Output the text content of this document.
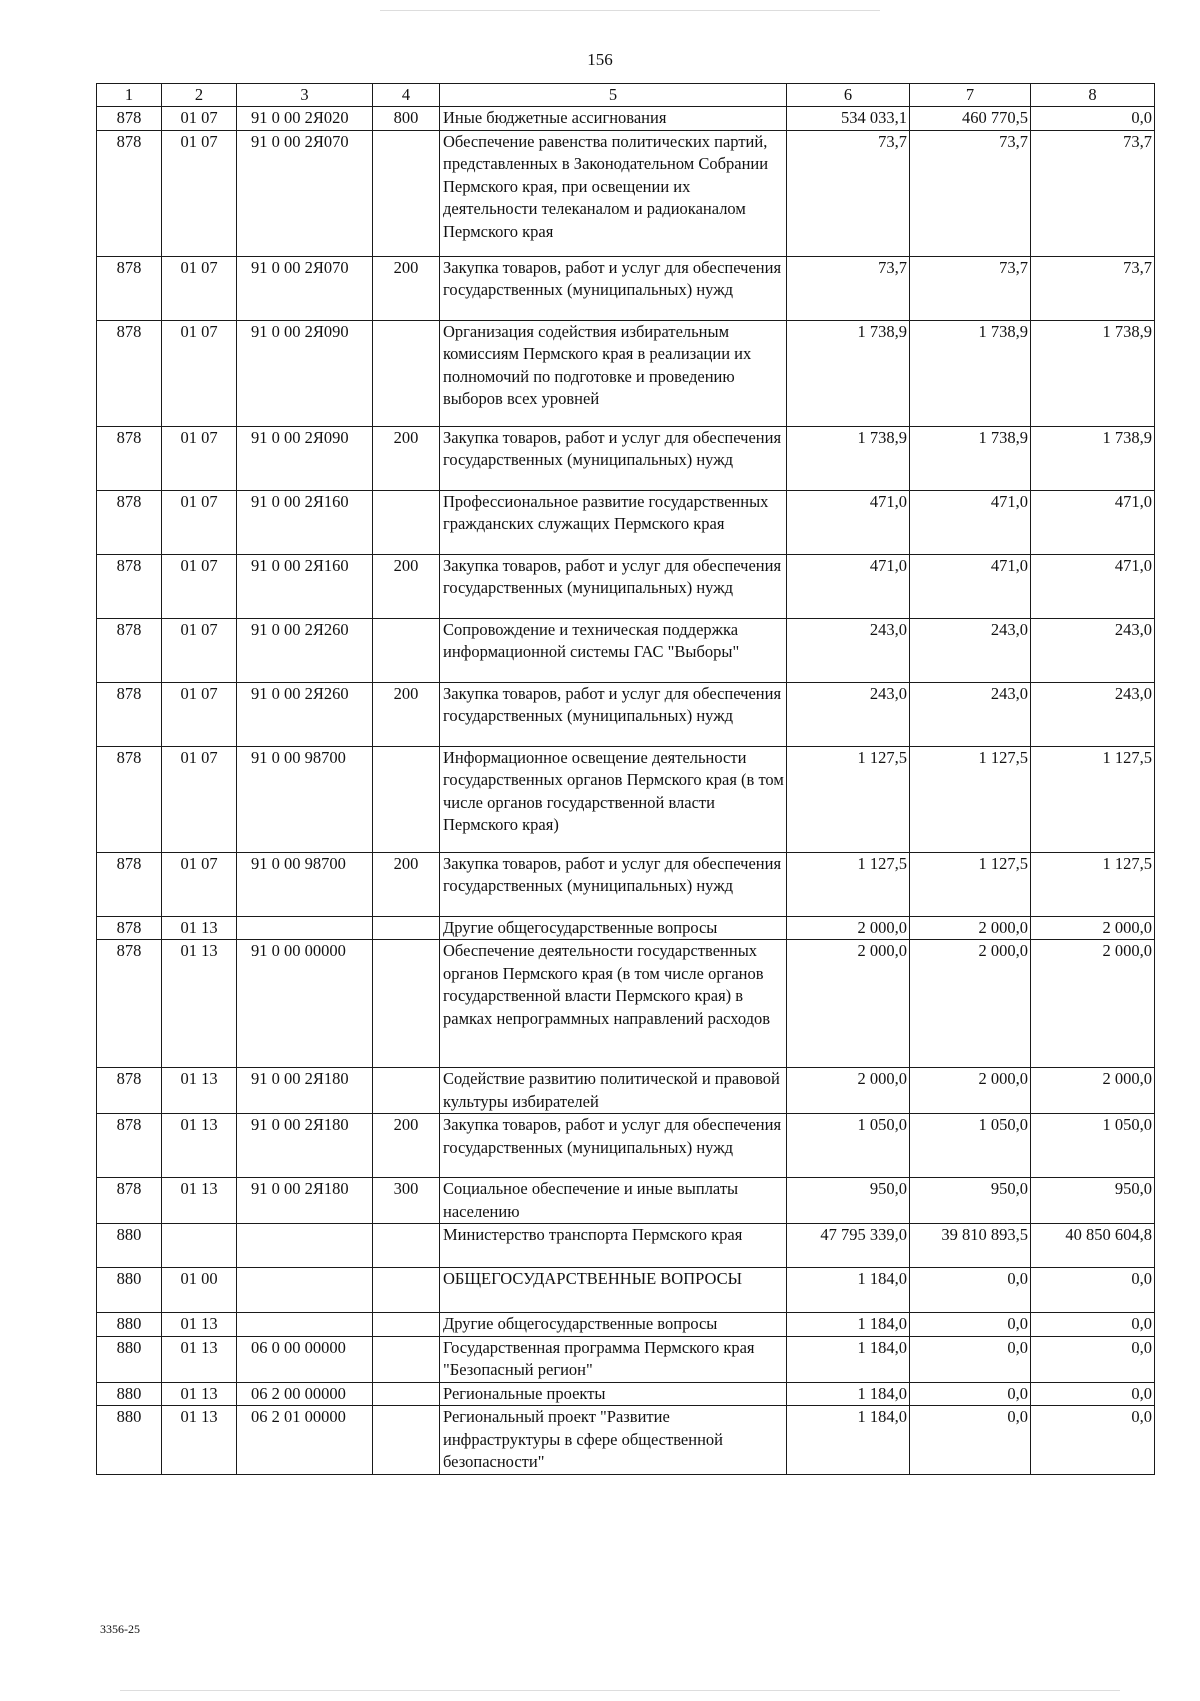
156
1	2	3	4	5	6	7	8
878	01 07	91 0 00 2Я020	800	Иные бюджетные ассигнования	534 033,1	460 770,5	0,0
878	01 07	91 0 00 2Я070		Обеспечение равенства политических партий, представленных в Законодательном Собрании Пермского края, при освещении их деятельности телеканалом и радиоканалом Пермского края	73,7	73,7	73,7
878	01 07	91 0 00 2Я070	200	Закупка товаров, работ и услуг для обеспечения государственных (муниципальных) нужд	73,7	73,7	73,7
878	01 07	91 0 00 2Я090		Организация содействия избирательным комиссиям Пермского края в реализации их полномочий по подготовке и проведению выборов всех уровней	1 738,9	1 738,9	1 738,9
878	01 07	91 0 00 2Я090	200	Закупка товаров, работ и услуг для обеспечения государственных (муниципальных) нужд	1 738,9	1 738,9	1 738,9
878	01 07	91 0 00 2Я160		Профессиональное развитие государственных гражданских служащих Пермского края	471,0	471,0	471,0
878	01 07	91 0 00 2Я160	200	Закупка товаров, работ и услуг для обеспечения государственных (муниципальных) нужд	471,0	471,0	471,0
878	01 07	91 0 00 2Я260		Сопровождение и техническая поддержка информационной системы ГАС "Выборы"	243,0	243,0	243,0
878	01 07	91 0 00 2Я260	200	Закупка товаров, работ и услуг для обеспечения государственных (муниципальных) нужд	243,0	243,0	243,0
878	01 07	91 0 00 98700		Информационное освещение деятельности государственных органов Пермского края (в том числе органов государственной власти Пермского края)	1 127,5	1 127,5	1 127,5
878	01 07	91 0 00 98700	200	Закупка товаров, работ и услуг для обеспечения государственных (муниципальных) нужд	1 127,5	1 127,5	1 127,5
878	01 13			Другие общегосударственные вопросы	2 000,0	2 000,0	2 000,0
878	01 13	91 0 00 00000		Обеспечение деятельности государственных органов Пермского края (в том числе органов государственной власти Пермского края) в рамках непрограммных направлений расходов	2 000,0	2 000,0	2 000,0
878	01 13	91 0 00 2Я180		Содействие развитию политической и правовой культуры избирателей	2 000,0	2 000,0	2 000,0
878	01 13	91 0 00 2Я180	200	Закупка товаров, работ и услуг для обеспечения государственных (муниципальных) нужд	1 050,0	1 050,0	1 050,0
878	01 13	91 0 00 2Я180	300	Социальное обеспечение и иные выплаты населению	950,0	950,0	950,0
880				Министерство транспорта Пермского края	47 795 339,0	39 810 893,5	40 850 604,8
880	01 00			ОБЩЕГОСУДАРСТВЕННЫЕ ВОПРОСЫ	1 184,0	0,0	0,0
880	01 13			Другие общегосударственные вопросы	1 184,0	0,0	0,0
880	01 13	06 0 00 00000		Государственная программа Пермского края "Безопасный регион"	1 184,0	0,0	0,0
880	01 13	06 2 00 00000		Региональные проекты	1 184,0	0,0	0,0
880	01 13	06 2 01 00000		Региональный проект "Развитие инфраструктуры в сфере общественной безопасности"	1 184,0	0,0	0,0
3356-25
